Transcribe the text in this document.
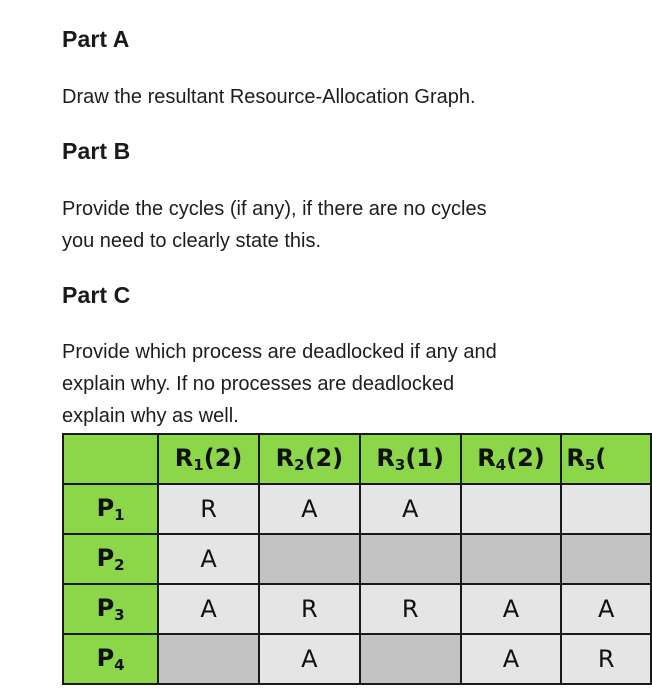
Part A
Draw the resultant Resource-Allocation Graph.
Part B
Provide the cycles (if any), if there are no cycles
you need to clearly state this.
Part C
Provide which process are deadlocked if any and
explain why. If no processes are deadlocked
explain why as well.
	$R_1(2)$	$R_2(2)$	$R_3(1)$	$R_4(2)$	$R_5$(
$P_1$	R	A	A		
$P_2$	A				
$P_3$	A	R	R	A	A
$P_4$		A		A	R
